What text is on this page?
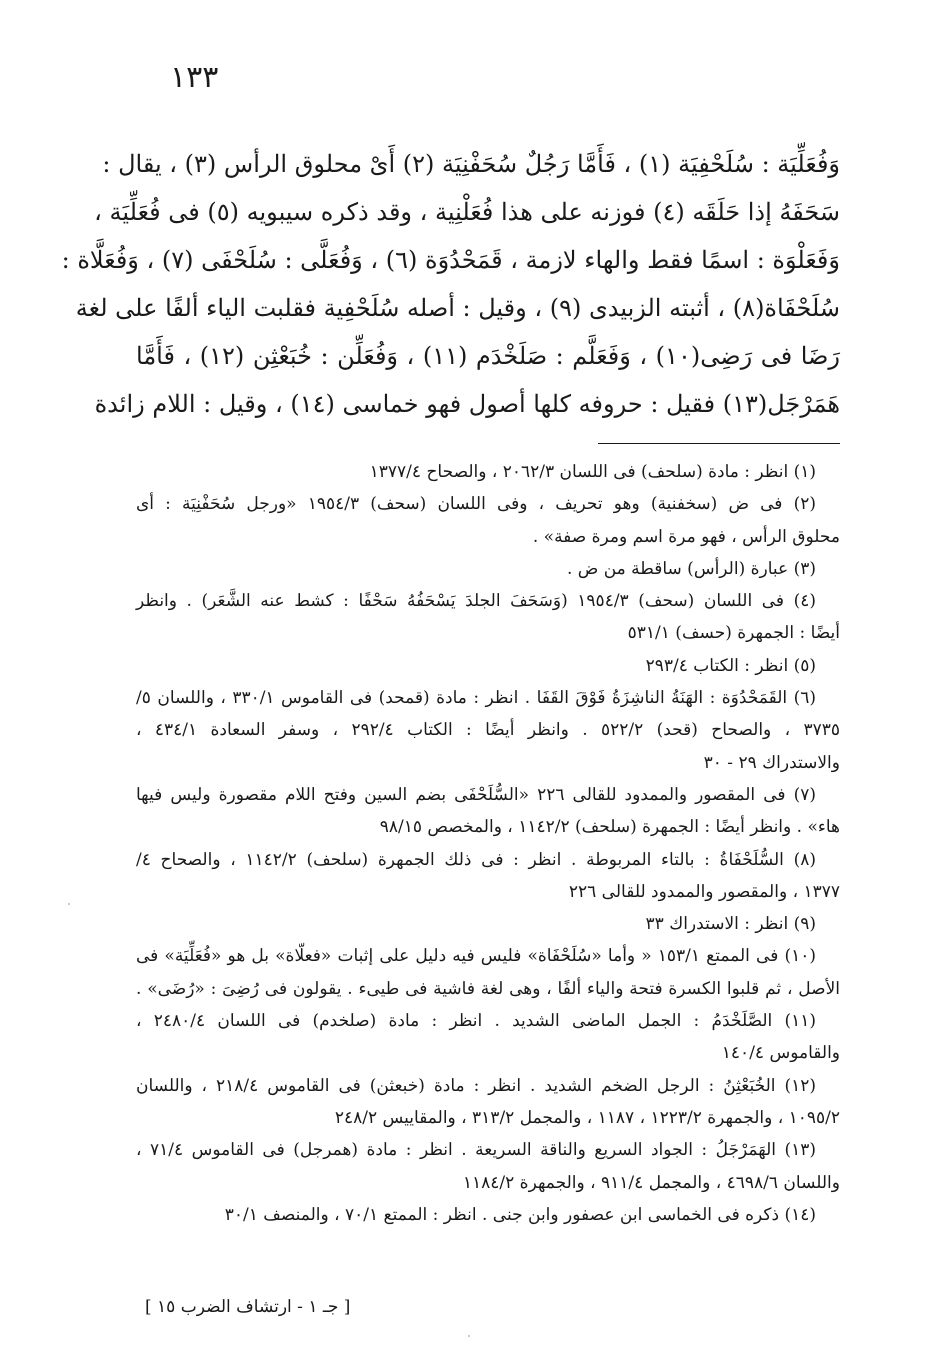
١٣٣
وَفُعَلِّيَة : سُلَحْفِيَة (١) ، فَأَمَّا رَجُلٌ سُحَفْنِيَة (٢) أَىْ محلوق الرأس (٣) ، يقال :
سَحَفَهُ إذا حَلَقَه (٤) فوزنه على هذا فُعَلْنِية ، وقد ذكره سيبويه (٥) فى فُعَلِّيَة ،
وَفَعَلْوَة : اسمًا فقط والهاء لازمة ، قَمَحْدُوَة (٦) ، وَفُعَلَّى : سُلَحْفَى (٧) ، وَفُعَلَّاة :
سُلَحْفَاة(٨) ، أثبته الزبيدى (٩) ، وقيل : أصله سُلَحْفِية فقلبت الياء ألفًا على لغة
رَضَا فى رَضِى(١٠) ، وَفَعَلَّم : صَلَخْدَم (١١) ، وَفُعَلِّن : خُبَعْثِن (١٢) ، فَأَمَّا
هَمَرْجَل(١٣) فقيل : حروفه كلها أصول فهو خماسى (١٤) ، وقيل : اللام زائدة
(١) انظر : مادة (سلحف) فى اللسان ٢٠٦٢/٣ ، والصحاح ١٣٧٧/٤
(٢) فى ض (سخفنية) وهو تحريف ، وفى اللسان (سحف) ١٩٥٤/٣ «ورجل سُحَفْنِيَة : أى
محلوق الرأس ، فهو مرة اسم ومرة صفة» .
(٣) عبارة (الرأس) ساقطة من ض .
(٤) فى اللسان (سحف) ١٩٥٤/٣ (وَسَحَفَ الجلدَ يَسْحَفُهُ سَحْفًا : كشط عنه الشَّعَر) . وانظر
أيضًا : الجمهرة (حسف) ٥٣١/١
(٥) انظر : الكتاب ٢٩٣/٤
(٦) القَمَحْدُوَة : الهَنَةُ الناشِزَةُ فَوْقَ القَفَا . انظر : مادة (قمحد) فى القاموس ٣٣٠/١ ، واللسان ٥/
٣٧٣٥ ، والصحاح (قحد) ٥٢٢/٢ . وانظر أيضًا : الكتاب ٢٩٢/٤ ، وسفر السعادة ٤٣٤/١ ،
والاستدراك ٢٩ - ٣٠
(٧) فى المقصور والممدود للقالى ٢٢٦ «السُّلَحْفَى بضم السين وفتح اللام مقصورة وليس فيها
هاء» . وانظر أيضًا : الجمهرة (سلحف) ١١٤٢/٢ ، والمخصص ٩٨/١٥
(٨) السُّلَحْفَاةُ : بالتاء المربوطة . انظر : فى ذلك الجمهرة (سلحف) ١١٤٢/٢ ، والصحاح ٤/
١٣٧٧ ، والمقصور والممدود للقالى ٢٢٦
(٩) انظر : الاستدراك ٣٣
(١٠) فى الممتع ١٥٣/١ « وأما «سُلَحْفَاة» فليس فيه دليل على إثبات «فعلّاة» بل هو «فُعَلِّيَة» فى
الأصل ، ثم قلبوا الكسرة فتحة والياء ألفًا ، وهى لغة فاشية فى طيىء . يقولون فى رُضِىَ : «رُضَى» .
(١١) الصَّلَخْدَمُ : الجمل الماضى الشديد . انظر : مادة (صلخدم) فى اللسان ٢٤٨٠/٤ ،
والقاموس ١٤٠/٤
(١٢) الخُبَعْثِنُ : الرجل الضخم الشديد . انظر : مادة (خبعثن) فى القاموس ٢١٨/٤ ، واللسان
١٠٩٥/٢ ، والجمهرة ١٢٢٣/٢ ، ١١٨٧ ، والمجمل ٣١٣/٢ ، والمقاييس ٢٤٨/٢
(١٣) الهَمَرْجَلُ : الجواد السريع والناقة السريعة . انظر : مادة (همرجل) فى القاموس ٧١/٤ ،
واللسان ٤٦٩٨/٦ ، والمجمل ٩١١/٤ ، والجمهرة ١١٨٤/٢
(١٤) ذكره فى الخماسى ابن عصفور وابن جنى . انظر : الممتع ٧٠/١ ، والمنصف ٣٠/١
[ جـ ١ - ارتشاف الضرب ١٥ ]
